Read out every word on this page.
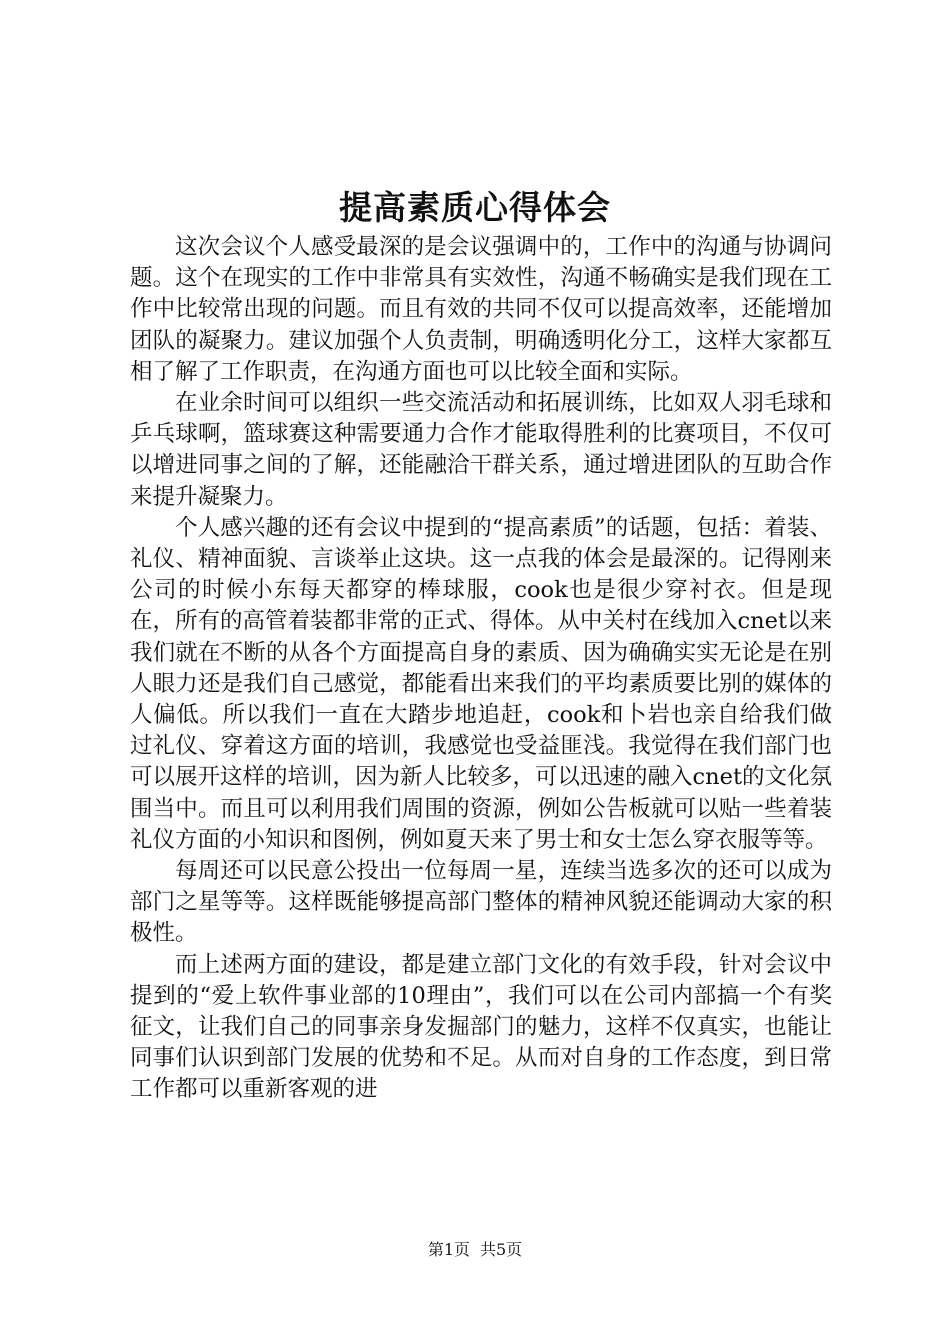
提高素质心得体会

这次会议个人感受最深的是会议强调中的，工作中的沟通与协调问题。这个在现实的工作中非常具有实效性，沟通不畅确实是我们现在工作中比较常出现的问题。而且有效的共同不仅可以提高效率，还能增加团队的凝聚力。建议加强个人负责制，明确透明化分工，这样大家都互相了解了工作职责，在沟通方面也可以比较全面和实际。

在业余时间可以组织一些交流活动和拓展训练，比如双人羽毛球和乒乓球啊，篮球赛这种需要通力合作才能取得胜利的比赛项目，不仅可以增进同事之间的了解，还能融洽干群关系，通过增进团队的互助合作来提升凝聚力。

个人感兴趣的还有会议中提到的“提高素质”的话题，包括：着装、礼仪、精神面貌、言谈举止这块。这一点我的体会是最深的。记得刚来公司的时候小东每天都穿的棒球服，cook也是很少穿衬衣。但是现在，所有的高管着装都非常的正式、得体。从中关村在线加入cnet以来我们就在不断的从各个方面提高自身的素质、因为确确实实无论是在别人眼力还是我们自己感觉，都能看出来我们的平均素质要比别的媒体的人偏低。所以我们一直在大踏步地追赶，cook和卜岩也亲自给我们做过礼仪、穿着这方面的培训，我感觉也受益匪浅。我觉得在我们部门也可以展开这样的培训，因为新人比较多，可以迅速的融入cnet的文化氛围当中。而且可以利用我们周围的资源，例如公告板就可以贴一些着装礼仪方面的小知识和图例，例如夏天来了男士和女士怎么穿衣服等等。

每周还可以民意公投出一位每周一星，连续当选多次的还可以成为部门之星等等。这样既能够提高部门整体的精神风貌还能调动大家的积极性。

而上述两方面的建设，都是建立部门文化的有效手段，针对会议中提到的“爱上软件事业部的10理由”，我们可以在公司内部搞一个有奖征文，让我们自己的同事亲身发掘部门的魅力，这样不仅真实，也能让同事们认识到部门发展的优势和不足。从而对自身的工作态度，到日常工作都可以重新客观的进

第1页 共5页
